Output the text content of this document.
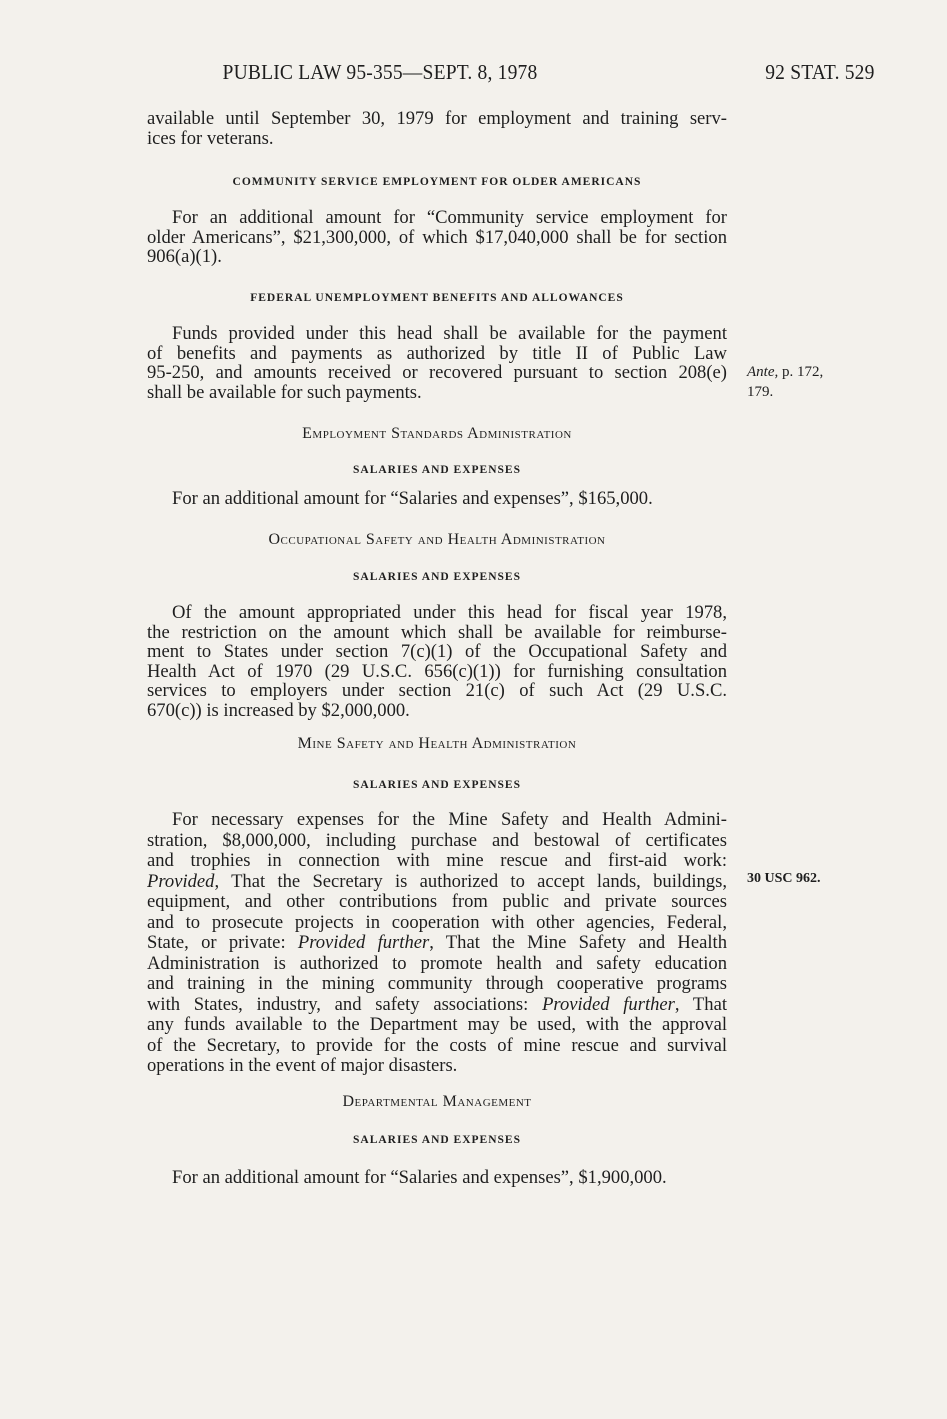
PUBLIC LAW 95-355—SEPT. 8, 1978	92 STAT. 529
available until September 30, 1979 for employment and training serv-
ices for veterans.
COMMUNITY SERVICE EMPLOYMENT FOR OLDER AMERICANS
For an additional amount for “Community service employment for
older Americans”, $21,300,000, of which $17,040,000 shall be for section
906(a)(1).
FEDERAL UNEMPLOYMENT BENEFITS AND ALLOWANCES
Funds provided under this head shall be available for the payment
of benefits and payments as authorized by title II of Public Law
95-250, and amounts received or recovered pursuant to section 208(e)
shall be available for such payments.
Ante, p. 172,
179.
Employment Standards Administration
SALARIES AND EXPENSES
For an additional amount for “Salaries and expenses”, $165,000.
Occupational Safety and Health Administration
SALARIES AND EXPENSES
Of the amount appropriated under this head for fiscal year 1978,
the restriction on the amount which shall be available for reimburse-
ment to States under section 7(c)(1) of the Occupational Safety and
Health Act of 1970 (29 U.S.C. 656(c)(1)) for furnishing consultation
services to employers under section 21(c) of such Act (29 U.S.C.
670(c)) is increased by $2,000,000.
Mine Safety and Health Administration
SALARIES AND EXPENSES
For necessary expenses for the Mine Safety and Health Admini-
stration, $8,000,000, including purchase and bestowal of certificates
and trophies in connection with mine rescue and first-aid work:
Provided, That the Secretary is authorized to accept lands, buildings,
equipment, and other contributions from public and private sources
and to prosecute projects in cooperation with other agencies, Federal,
State, or private: Provided further, That the Mine Safety and Health
Administration is authorized to promote health and safety education
and training in the mining community through cooperative programs
with States, industry, and safety associations: Provided further, That
any funds available to the Department may be used, with the approval
of the Secretary, to provide for the costs of mine rescue and survival
operations in the event of major disasters.
30 USC 962.
Departmental Management
SALARIES AND EXPENSES
For an additional amount for “Salaries and expenses”, $1,900,000.
